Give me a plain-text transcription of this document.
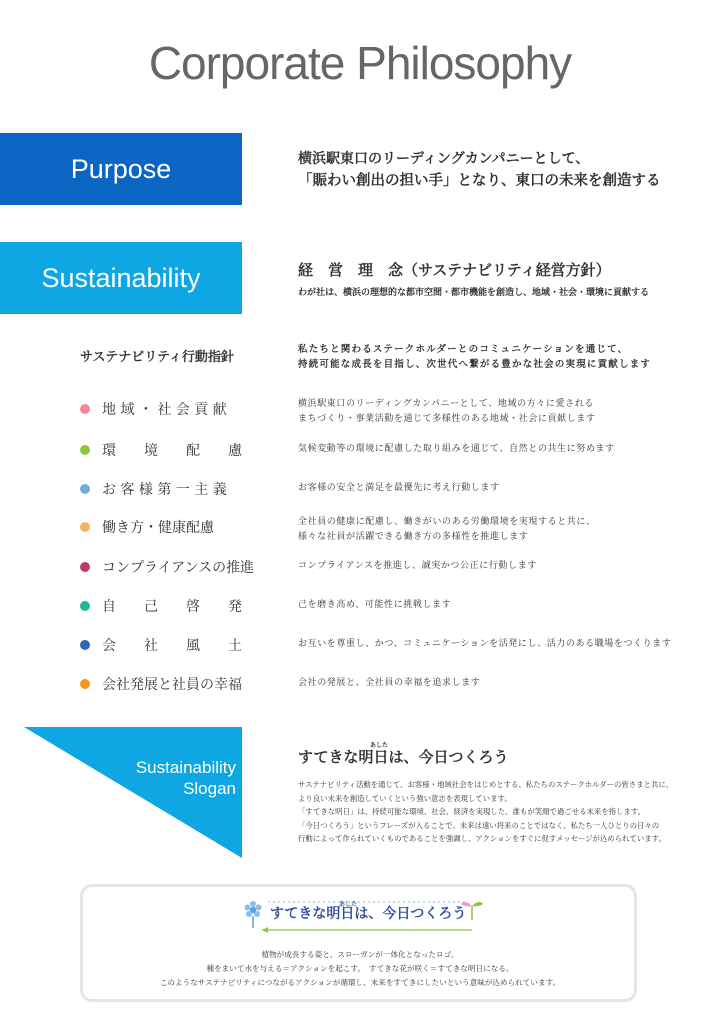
Corporate Philosophy
Purpose	横浜駅東口のリーディングカンパニーとして、
「賑わい創出の担い手」となり、東口の未来を創造する
Sustainability	経　営　理　念（サステナビリティ経営方針）
わが社は、横浜の理想的な都市空間・都市機能を創造し、地域・社会・環境に貢献する
サステナビリティ行動指針
私たちと関わるステークホルダーとのコミュニケーションを通じて、
持続可能な成長を目指し、次世代へ繋がる豊かな社会の実現に貢献します
地 域 ・ 社 会 貢 献	横浜駅東口のリーディングカンパニーとして、地域の方々に愛される
まちづくり・事業活動を通じて多様性のある地域・社会に貢献します
環　　境　　配　　慮	気候変動等の環境に配慮した取り組みを通じて、自然との共生に努めます
お 客 様 第 一 主 義	お客様の安全と満足を最優先に考え行動します
働き方・健康配慮	全社員の健康に配慮し、働きがいのある労働環境を実現すると共に、
様々な社員が活躍できる働き方の多様性を推進します
コンプライアンスの推進	コンプライアンスを推進し、誠実かつ公正に行動します
自　　己　　啓　　発	己を磨き高め、可能性に挑戦します
会　　社　　風　　土	お互いを尊重し、かつ、コミュニケーションを活発にし、活力のある職場をつくります
会社発展と社員の幸福	会社の発展と、全社員の幸福を追求します
Sustainability
Slogan
あした
すてきな明日は、今日つくろう
サステナビリティ活動を通じて、お客様・地域社会をはじめとする、私たちのステークホルダーの皆さまと共に、
より良い未来を創造していくという強い意志を表現しています。
「すてきな明日」は、持続可能な環境、社会、経済を実現した、誰もが笑顔で過ごせる未来を指します。
「今日つくろう」というフレーズが入ることで、未来は遠い将来のことではなく、私たち一人ひとりの日々の
行動によって作られていくものであることを強調し、アクションをすぐに促すメッセージが込められています。
あした
すてきな明日は、今日つくろう
植物が成長する姿と、スローガンが一体化となったロゴ。
種をまいて水を与える＝アクションを起こす。　すてきな花が咲く＝すてきな明日になる。
このようなサステナビリティにつながるアクションが循環し、未来をすてきにしたいという意味が込められています。
